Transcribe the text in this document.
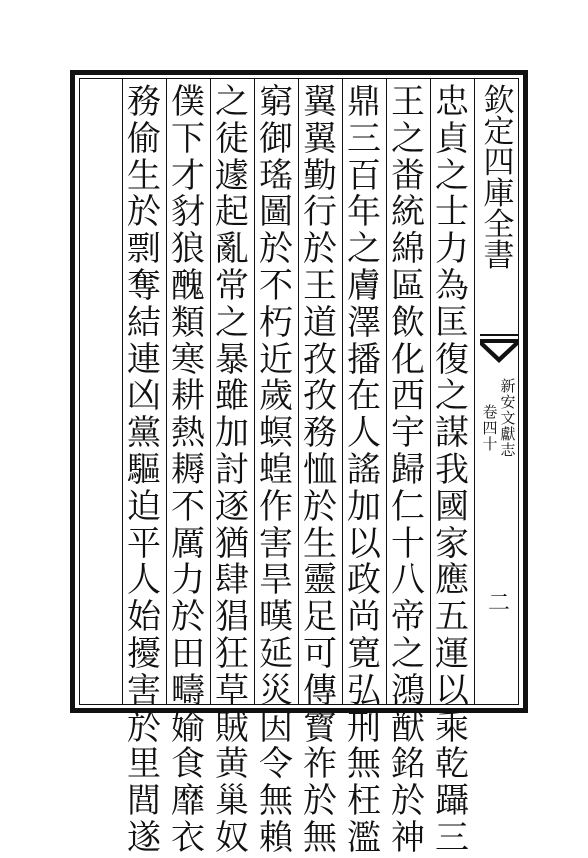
欽
定
四
庫
全
書
新
安
文
獻
志
卷
四
十
二
忠
貞
之
士
力
為
匡
復
之
謀
我
國
家
應
五
運
以
乘
乾
躡
三
王
之
畨
統
綿
區
飲
化
西
宇
歸
仁
十
八
帝
之
鴻
猷
銘
於
神
鼎
三
百
年
之
膚
澤
播
在
人
謠
加
以
政
尚
寛
弘
刑
無
枉
濫
翼
翼
勤
行
於
王
道
孜
孜
務
恤
於
生
靈
足
可
傳
寳
祚
於
無
窮
御
瑤
圖
於
不
朽
近
歲
螟
蝗
作
害
旱
暵
延
災
因
令
無
賴
之
徒
遽
起
亂
常
之
暴
雖
加
討
逐
猶
肆
猖
狂
草
賊
黄
巢
奴
僕
下
才
豺
狼
醜
類
寒
耕
熱
耨
不
厲
力
於
田
疇
媮
食
靡
衣
務
偷
生
於
剽
奪
結
連
凶
黨
驅
迫
平
人
始
擾
害
於
里
閭
遂
